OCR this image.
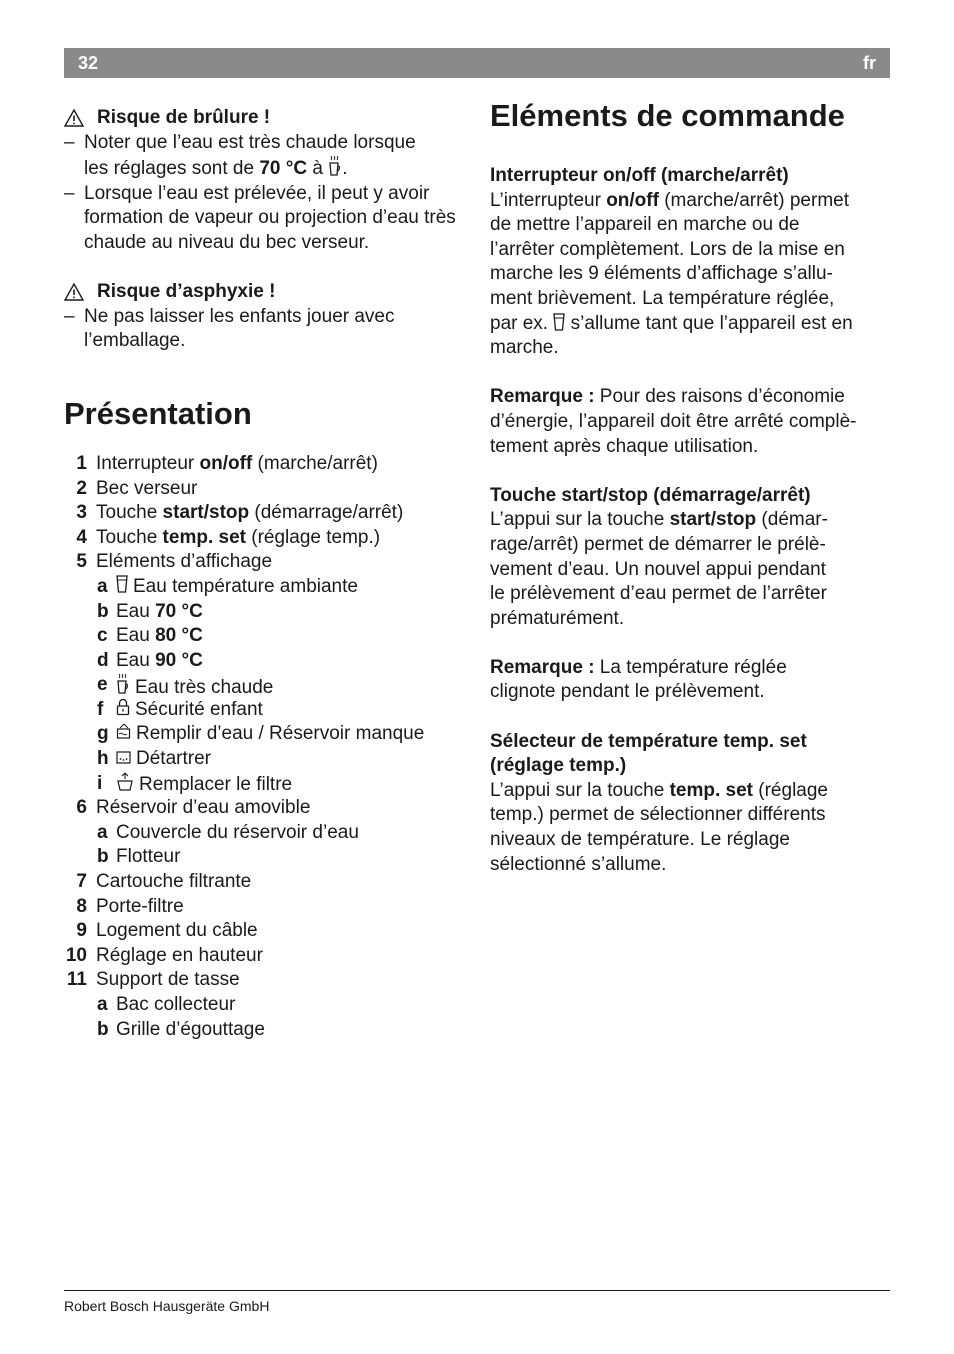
32	fr
Risque de brûlure !
– Noter que l’eau est très chaude lorsque
les réglages sont de 70 °C à .
– Lorsque l’eau est prélevée, il peut y avoir formation de vapeur ou projection d’eau très chaude au niveau du bec verseur.
Risque d’asphyxie !
– Ne pas laisser les enfants jouer avec l’emballage.
Présentation
1 Interrupteur on/off (marche/arrêt)
2 Bec verseur
3 Touche start/stop (démarrage/arrêt)
4 Touche temp. set (réglage temp.)
5 Eléments d’affichage
a Eau température ambiante
b Eau 70 °C
c Eau 80 °C
d Eau 90 °C
e Eau très chaude
f Sécurité enfant
g Remplir d’eau / Réservoir manque
h Détartrer
i Remplacer le filtre
6 Réservoir d’eau amovible
a Couvercle du réservoir d’eau
b Flotteur
7 Cartouche filtrante
8 Porte-filtre
9 Logement du câble
10 Réglage en hauteur
11 Support de tasse
a Bac collecteur
b Grille d’égouttage
Eléments de commande
Interrupteur on/off (marche/arrêt)
L’interrupteur on/off (marche/arrêt) permet
de mettre l’appareil en marche ou de
l’arrêter complètement. Lors de la mise en
marche les 9 éléments d’affichage s’allu-
ment brièvement. La température réglée,
par ex.  s’allume tant que l’appareil est en
marche.
Remarque : Pour des raisons d’économie
d’énergie, l’appareil doit être arrêté complè-
tement après chaque utilisation.
Touche start/stop (démarrage/arrêt)
L’appui sur la touche start/stop (démar-
rage/arrêt) permet de démarrer le prélè-
vement d’eau. Un nouvel appui pendant
le prélèvement d’eau permet de l’arrêter
prématurément.
Remarque : La température réglée
clignote pendant le prélèvement.
Sélecteur de température temp. set
(réglage temp.)
L’appui sur la touche temp. set (réglage
temp.) permet de sélectionner différents
niveaux de température. Le réglage
sélectionné s’allume.
Robert Bosch Hausgeräte GmbH
